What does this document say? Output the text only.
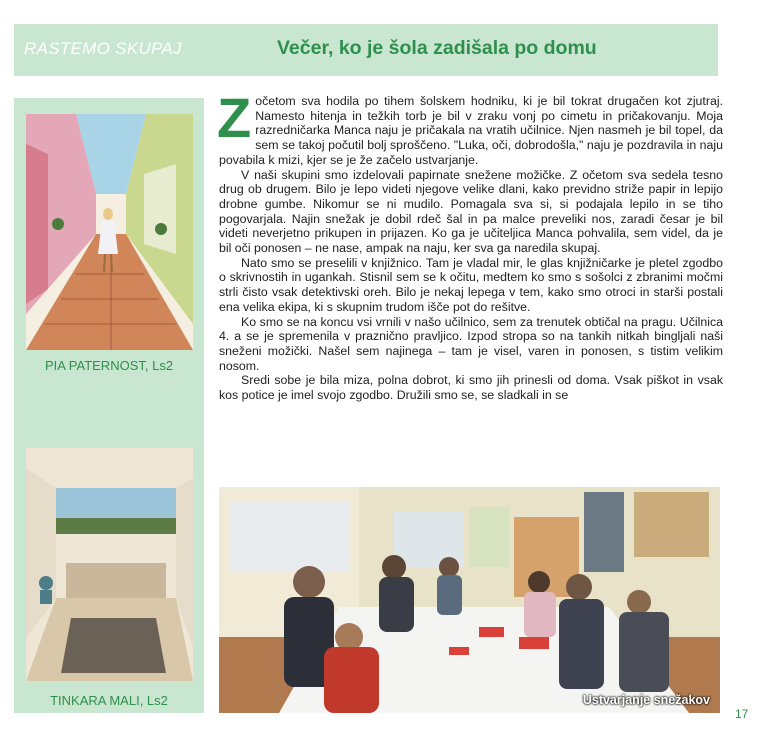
RASTEMO SKUPAJ	Večer, ko je šola zadišala po domu
PIA PATERNOST, Ls2
TINKARA MALI, Ls2

Zočetom sva hodila po tihem šolskem hodniku, ki je bil tokrat drugačen kot zjutraj. Namesto hitenja in težkih torb je bil v zraku vonj po cimetu in pričakovanju. Moja razredničarka Manca naju je pričakala na vratih učilnice. Njen nasmeh je bil topel, da sem se takoj počutil bolj sproščeno. "Luka, oči, dobrodošla," naju je pozdravila in naju povabila k mizi, kjer se je že začelo ustvarjanje.

V naši skupini smo izdelovali papirnate snežene možičke. Z očetom sva sedela tesno drug ob drugem. Bilo je lepo videti njegove velike dlani, kako previdno striže papir in lepijo drobne gumbe. Nikomur se ni mudilo. Pomagala sva si, si podajala lepilo in se tiho pogovarjala. Najin snežak je dobil rdeč šal in pa malce preveliki nos, zaradi česar je bil videti neverjetno prikupen in prijazen. Ko ga je učiteljica Manca pohvalila, sem videl, da je bil oči ponosen – ne nase, ampak na naju, ker sva ga naredila skupaj.

Nato smo se preselili v knjižnico. Tam je vladal mir, le glas knjižničarke je pletel zgodbo o skrivnostih in ugankah. Stisnil sem se k očitu, medtem ko smo s sošolci z zbranimi močmi strli čisto vsak detektivski oreh. Bilo je nekaj lepega v tem, kako smo otroci in starši postali ena velika ekipa, ki s skupnim trudom išče pot do rešitve.

Ko smo se na koncu vsi vrnili v našo učilnico, sem za trenutek obtičal na pragu. Učilnica 4. a se je spremenila v praznično pravljico. Izpod stropa so na tankih nitkah bingljali naši sneženi možički. Našel sem najinega – tam je visel, varen in ponosen, s tistim velikim nosom.

Sredi sobe je bila miza, polna dobrot, ki smo jih prinesli od doma. Vsak piškot in vsak kos potice je imel svojo zgodbo. Družili smo se, se sladkali in se

Ustvarjanje snežakov
17
